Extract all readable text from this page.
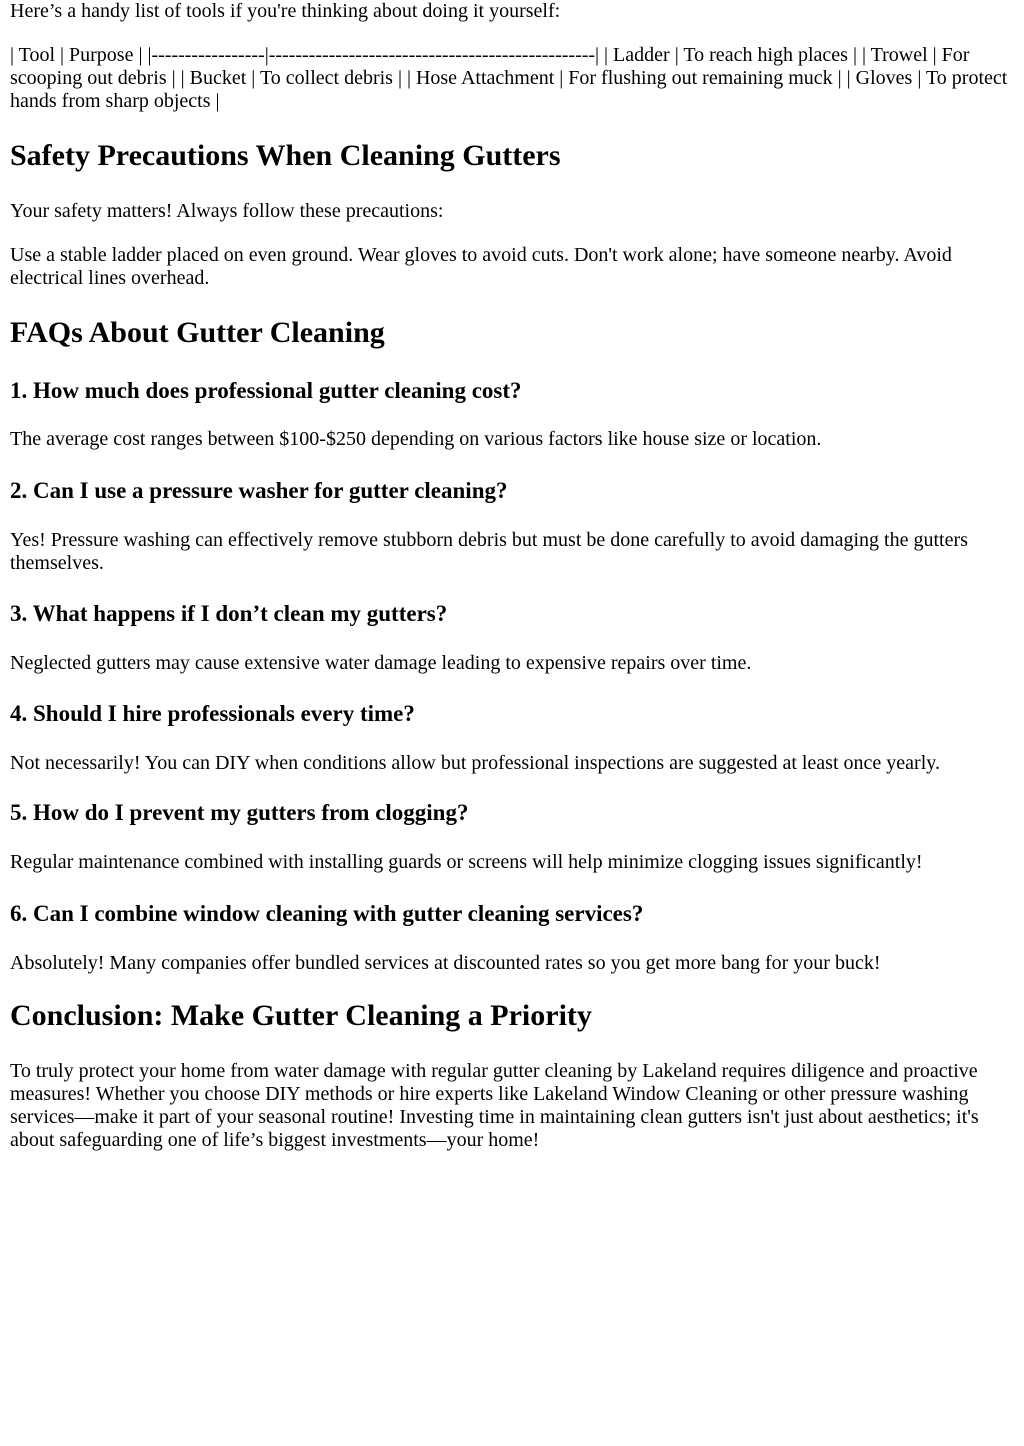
Here’s a handy list of tools if you're thinking about doing it yourself:

| Tool | Purpose | |-----------------|-------------------------------------------------| | Ladder | To reach high places | | Trowel | For scooping out debris | | Bucket | To collect debris | | Hose Attachment | For flushing out remaining muck | | Gloves | To protect hands from sharp objects |

Safety Precautions When Cleaning Gutters

Your safety matters! Always follow these precautions:

Use a stable ladder placed on even ground. Wear gloves to avoid cuts. Don't work alone; have someone nearby. Avoid electrical lines overhead.

FAQs About Gutter Cleaning
1. How much does professional gutter cleaning cost?

The average cost ranges between $100-$250 depending on various factors like house size or location.

2. Can I use a pressure washer for gutter cleaning?

Yes! Pressure washing can effectively remove stubborn debris but must be done carefully to avoid damaging the gutters themselves.

3. What happens if I don’t clean my gutters?

Neglected gutters may cause extensive water damage leading to expensive repairs over time.

4. Should I hire professionals every time?

Not necessarily! You can DIY when conditions allow but professional inspections are suggested at least once yearly.

5. How do I prevent my gutters from clogging?

Regular maintenance combined with installing guards or screens will help minimize clogging issues significantly!

6. Can I combine window cleaning with gutter cleaning services?

Absolutely! Many companies offer bundled services at discounted rates so you get more bang for your buck!

Conclusion: Make Gutter Cleaning a Priority

To truly protect your home from water damage with regular gutter cleaning by Lakeland requires diligence and proactive measures! Whether you choose DIY methods or hire experts like Lakeland Window Cleaning or other pressure washing services—make it part of your seasonal routine! Investing time in maintaining clean gutters isn't just about aesthetics; it's about safeguarding one of life’s biggest investments—your home!
